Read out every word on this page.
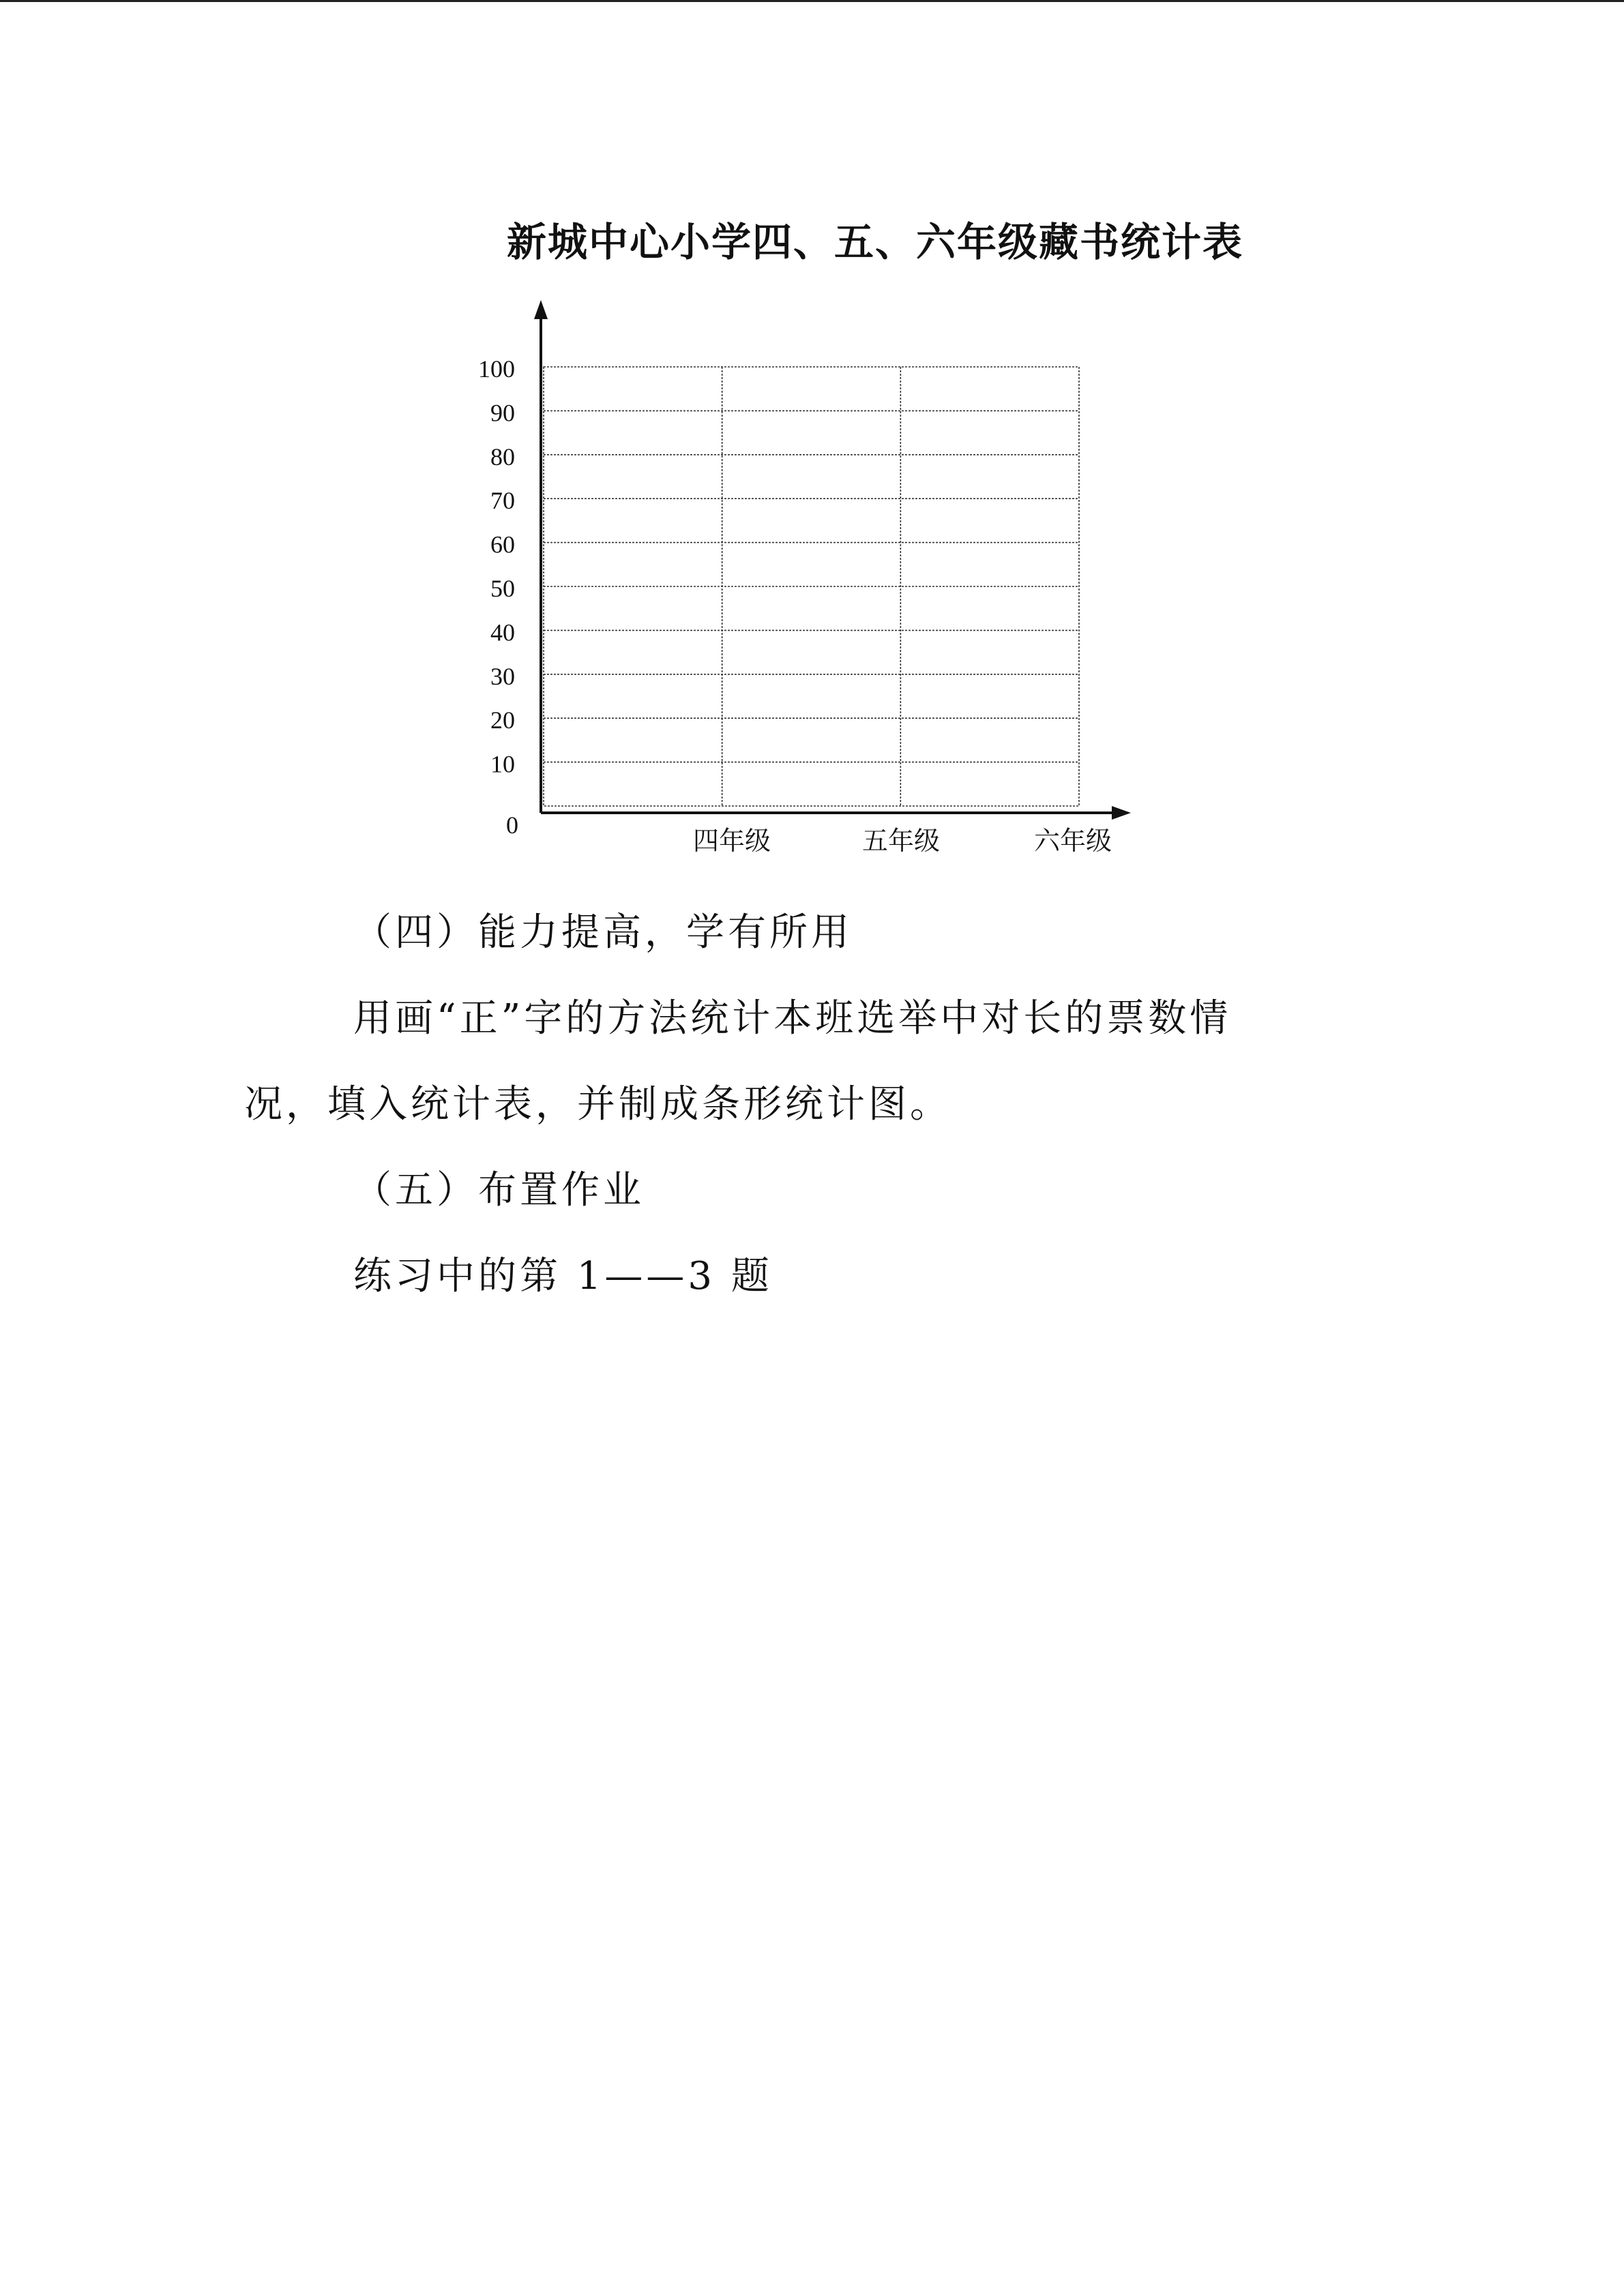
新城中心小学四、五、六年级藏书统计表
0
10
20
30
40
50
60
70
80
90
100
四年级	五年级	六年级
（四）能力提高，学有所用
用画“正”字的方法统计本班选举中对长的票数情
况，填入统计表，并制成条形统计图。
（五）布置作业
练习中的第 1——3 题
